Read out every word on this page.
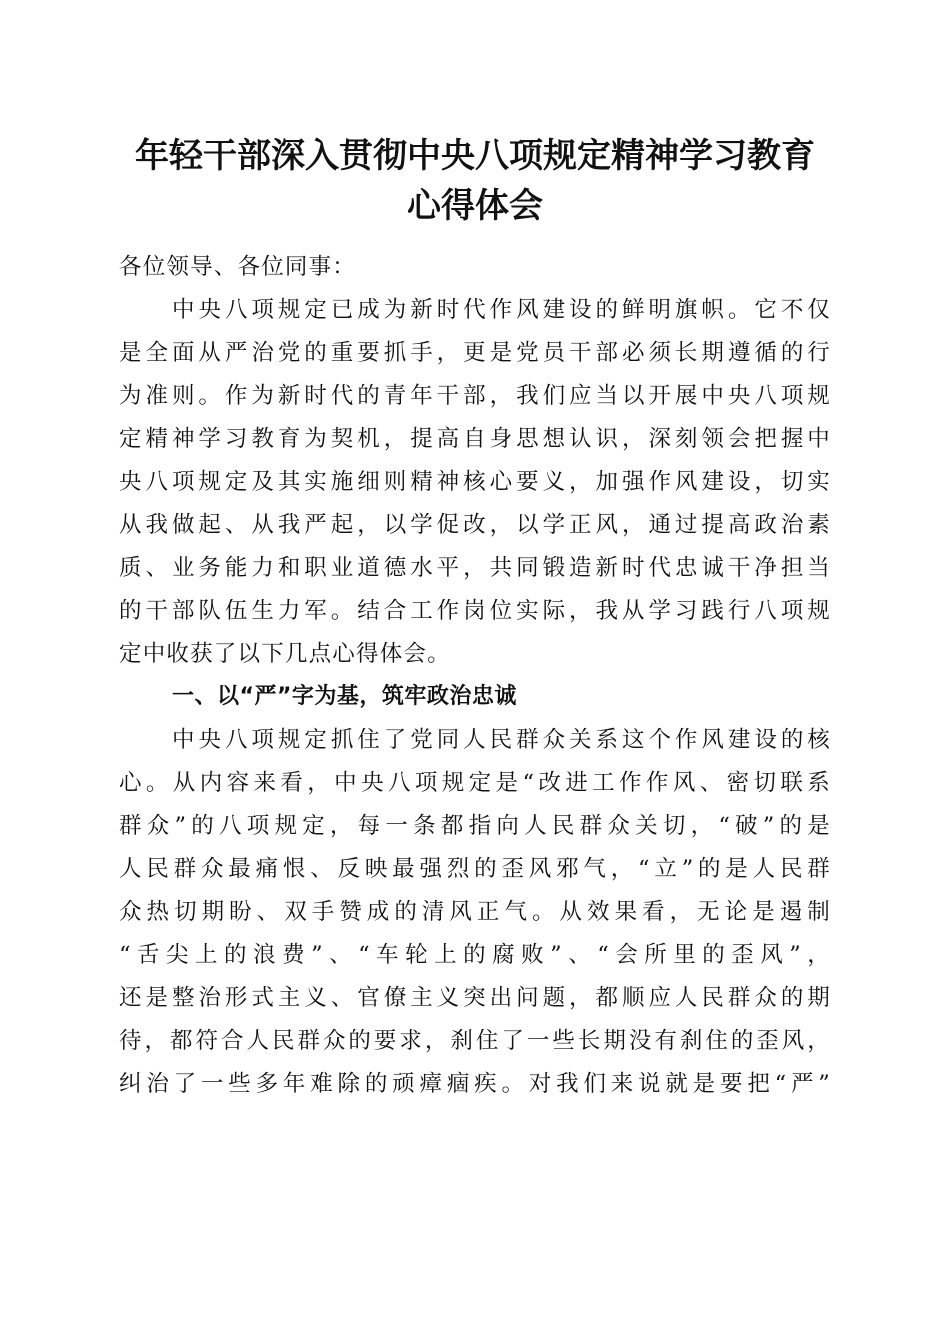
年轻干部深入贯彻中央八项规定精神学习教育
心得体会
各位领导、各位同事：
中央八项规定已成为新时代作风建设的鲜明旗帜。它不仅
是全面从严治党的重要抓手，更是党员干部必须长期遵循的行
为准则。作为新时代的青年干部，我们应当以开展中央八项规
定精神学习教育为契机，提高自身思想认识，深刻领会把握中
央八项规定及其实施细则精神核心要义，加强作风建设，切实
从我做起、从我严起，以学促改，以学正风，通过提高政治素
质、业务能力和职业道德水平，共同锻造新时代忠诚干净担当
的干部队伍生力军。结合工作岗位实际，我从学习践行八项规
定中收获了以下几点心得体会。
一、以“严”字为基，筑牢政治忠诚
中央八项规定抓住了党同人民群众关系这个作风建设的核
心。从内容来看，中央八项规定是“改进工作作风、密切联系
群众”的八项规定，每一条都指向人民群众关切，“破”的是
人民群众最痛恨、反映最强烈的歪风邪气，“立”的是人民群
众热切期盼、双手赞成的清风正气。从效果看，无论是遏制
“舌尖上的浪费”、“车轮上的腐败”、“会所里的歪风”，
还是整治形式主义、官僚主义突出问题，都顺应人民群众的期
待，都符合人民群众的要求，刹住了一些长期没有刹住的歪风，
纠治了一些多年难除的顽瘴痼疾。对我们来说就是要把“严”
